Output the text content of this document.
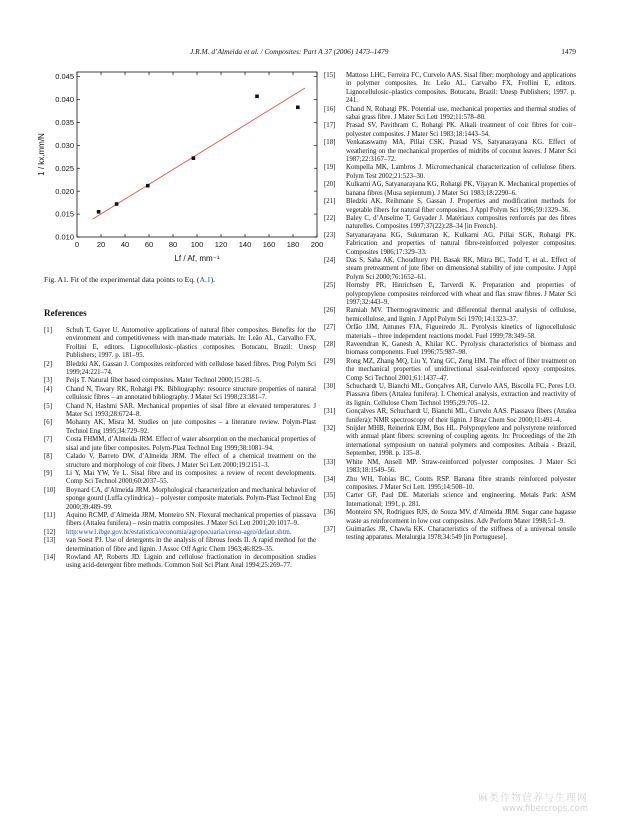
J.R.M. d’Almeida et al. / Composites: Part A 37 (2006) 1473–1479	1479
0.010
0.015
0.020
0.025
0.030
0.035
0.040
0.045
0 20 40 60 80 100 120 140 160 180 200
1 / kx,mm/N
Lf / Af, mm⁻¹
Fig. A1. Fit of the experimental data points to Eq. (A.1).
References

[1] Schuh T, Gayer U. Automotive applications of natural fiber composites. Benefits for the environment and competitiveness with man-made materials. In: Leão AL, Carvalho FX, Frollini E, editors. Lignocellulosic–plastics composites. Botucatu, Brazil: Unesp Publishers; 1997. p. 181–95.

[2] Bledzki AK, Gassan J. Composites reinforced with cellulose based fibres. Prog Polym Sci 1999;24:221–74.

[3] Peijs T. Natural fiber based composites. Mater Technol 2000;15:281–5.

[4] Chand N, Tiwary RK, Rohatgi PK. Bibliography: resource structure properties of natural cellulosic fibres – an annotated bibliography. J Mater Sci 1998;23:381–7.

[5] Chand N, Hashmi SAR. Mechanical properties of sisal fibre at elevated temperatures. J Mater Sci 1993;28:6724–8.

[6] Mohanty AK, Misra M. Studies on jute composites – a literature review. Polym-Plast Technol Eng 1995;34:729–92.

[7] Costa FHMM, d’Almeida JRM. Effect of water absorption on the mechanical properties of sisal and jute fiber composites. Polym-Plast Technol Eng 1999;38:1081–94.

[8] Calado V, Barreto DW, d’Almeida JRM. The effect of a chemical treatment on the structure and morphology of coir fibers. J Mater Sci Lett 2000;19:2151–3.

[9] Li Y, Mai YW, Ye L. Sisal fibre and its composites: a review of recent developments. Comp Sci Technol 2000;60:2037–55.

[10] Boynard CA, d’Almeida JRM. Morphological characterization and mechanical behavior of sponge gourd (Luffa cylindrica) – polyester composite materials. Polym-Plast Technol Eng 2000;39:489–99.

[11] Aquino RCMP, d’Almeida JRM, Monteiro SN. Flexural mechanical properties of piassava fibers (Attalea funifera) – resin matrix composites. J Mater Sci Lett 2001;20:1017–9.

[12] http:www1.ibge.gov.br/estatistica/economia/agropecuaria/censo-agro/defaut.shtm.

[13] van Soest PJ. Use of detergents in the analysis of fibrous feeds II. A rapid method for the determination of fibre and lignin. J Assoc Off Agric Chem 1963;46:829–35.

[14] Rowland AP, Roberts JD. Lignin and cellulose fractionation in decomposition studies using acid-detergent fibre methods. Common Soil Sci Plant Anal 1994;25:269–77.

[15] Mattoso LHC, Ferreira FC, Curvelo AAS. Sisal fiber: morphology and applications in polymer composites. In: Leão AL, Carvalho FX, Frollini E, editors. Lignocellulosic–plastics composites. Botucatu, Brazil: Unesp Publishers; 1997. p. 241.

[16] Chand N, Rohatgi PK. Potential use, mechanical properties and thermal studies of sabai grass fibre. J Mater Sci Lett 1992;11:578–80.

[17] Prasad SV, Pavithram C, Rohatgi PK. Alkali treatment of coir fibres for coir–polyester composites. J Mater Sci 1983;18:1443–54.

[18] Venkataswamy MA, Pillai CSK, Prasad VS, Satyanarayana KG. Effect of weathering on the mechanical properties of midribs of coconut leaves. J Mater Sci 1987;22:3167–72.

[19] Kompella MK, Lambros J. Micromechanical characterization of cellulose fibers. Polym Test 2002;21:523–30.

[20] Kulkarni AG, Satyanarayana KG, Rohatgi PK, Vijayan K. Mechanical properties of banana fibres (Musa sepientum). J Mater Sci 1983;18:2290–6.

[21] Bledzki AK, Reihmane S, Gassan J. Properties and modification methods for vegetable fibers for natural fiber composites. J Appl Polym Sci 1996;59:1329–36.

[22] Baley C, d’Anselme T, Guyader J. Matériaux composites renforcés par des fibres naturelles. Composites 1997;37(22):28–34 [in French].

[23] Satyanarayana KG, Sukumaran K, Kulkarni AG, Pillai SGK, Rohatgi PK. Fabrication and properties of natural fibre-reinforced polyester composites. Composites 1986;17:329–33.

[24] Das S, Saha AK, Choudhury PH, Basak RK, Mitra BC, Todd T, et al.. Effect of steam pretreatment of jute fiber on dimensional stability of jute composite. J Appl Polym Sci 2000;76:1652–61.

[25] Hornsby PR, Hinrichsen E, Tarverdi K. Preparation and properties of polypropylene composites reinforced with wheat and flax straw fibres. J Mater Sci 1997;32:443–9.

[26] Ramiah MV. Thermogravimetric and differential thermal analysis of cellulose, hemicellulose, and lignin. J Appl Polym Sci 1970;14:1323–37.

[27] Órfão JJM, Antunes FJA, Figueiredo JL. Pyrolysis kinetics of lignocellulosic materials – three independent reactions model. Fuel 1999;78:349–58.

[28] Raveendran K, Ganesh A, Khilar KC. Pyrolysis characteristics of biomass and biomass components. Fuel 1996;75:987–98.

[29] Rong MZ, Zhang MQ, Liu Y, Yang GC, Zeng HM. The effect of fiber treatment on the mechanical properties of unidirectional sisal-reinforced epoxy composites. Comp Sci Technol 2001;61:1437–47.

[30] Schuchardt U, Bianchi ML, Gonçalves AR, Curvelo AAS, Biscolla FC, Peres LO. Piassava fibers (Attalea funifera). I. Chemical analysis, extraction and reactivity of its lignin. Cellulose Chem Technol 1995;29:705–12.

[31] Gonçalves AR, Schuchardt U, Bianchi ML, Curvelo AAS. Piassava fibers (Attalea funifera): NMR spectroscopy of their lignin. J Braz Chem Soc 2000;11:491–4.

[32] Snijder MHB, Reinerink EJM, Bos HL. Polypropylene and polystyrene reinforced with annual plant fibers: screening of coupling agents. In: Proceedings of the 2th international symposium on natural polymers and composites. Atibaia - Brazil, September, 1998. p. 135–8.

[33] White NM, Ansell MP. Straw-reinforced polyester composites. J Mater Sci 1983;18:1549–56.

[34] Zhu WH, Tobias BC, Coutts RSP. Banana fibre strands reinforced polyester composites. J Mater Sci Lett. 1995;14:508–10.

[35] Carter GF, Paul DE. Materials science and engineering. Metals Park: ASM International; 1991, p. 281.

[36] Monteiro SN, Rodrigues RJS, de Souza MV, d’Almeida JRM. Sugar cane bagasse waste as reinforcement in low cost composites. Adv Perform Mater 1998;5:1–9.

[37] Guimarães JR, Chawla KK. Characteristics of the stiffness of a universal tensile testing apparatus. Metalurgia 1978;34:549 [in Portuguese].

麻类作物营养与生理网
www.fibercrops.com
